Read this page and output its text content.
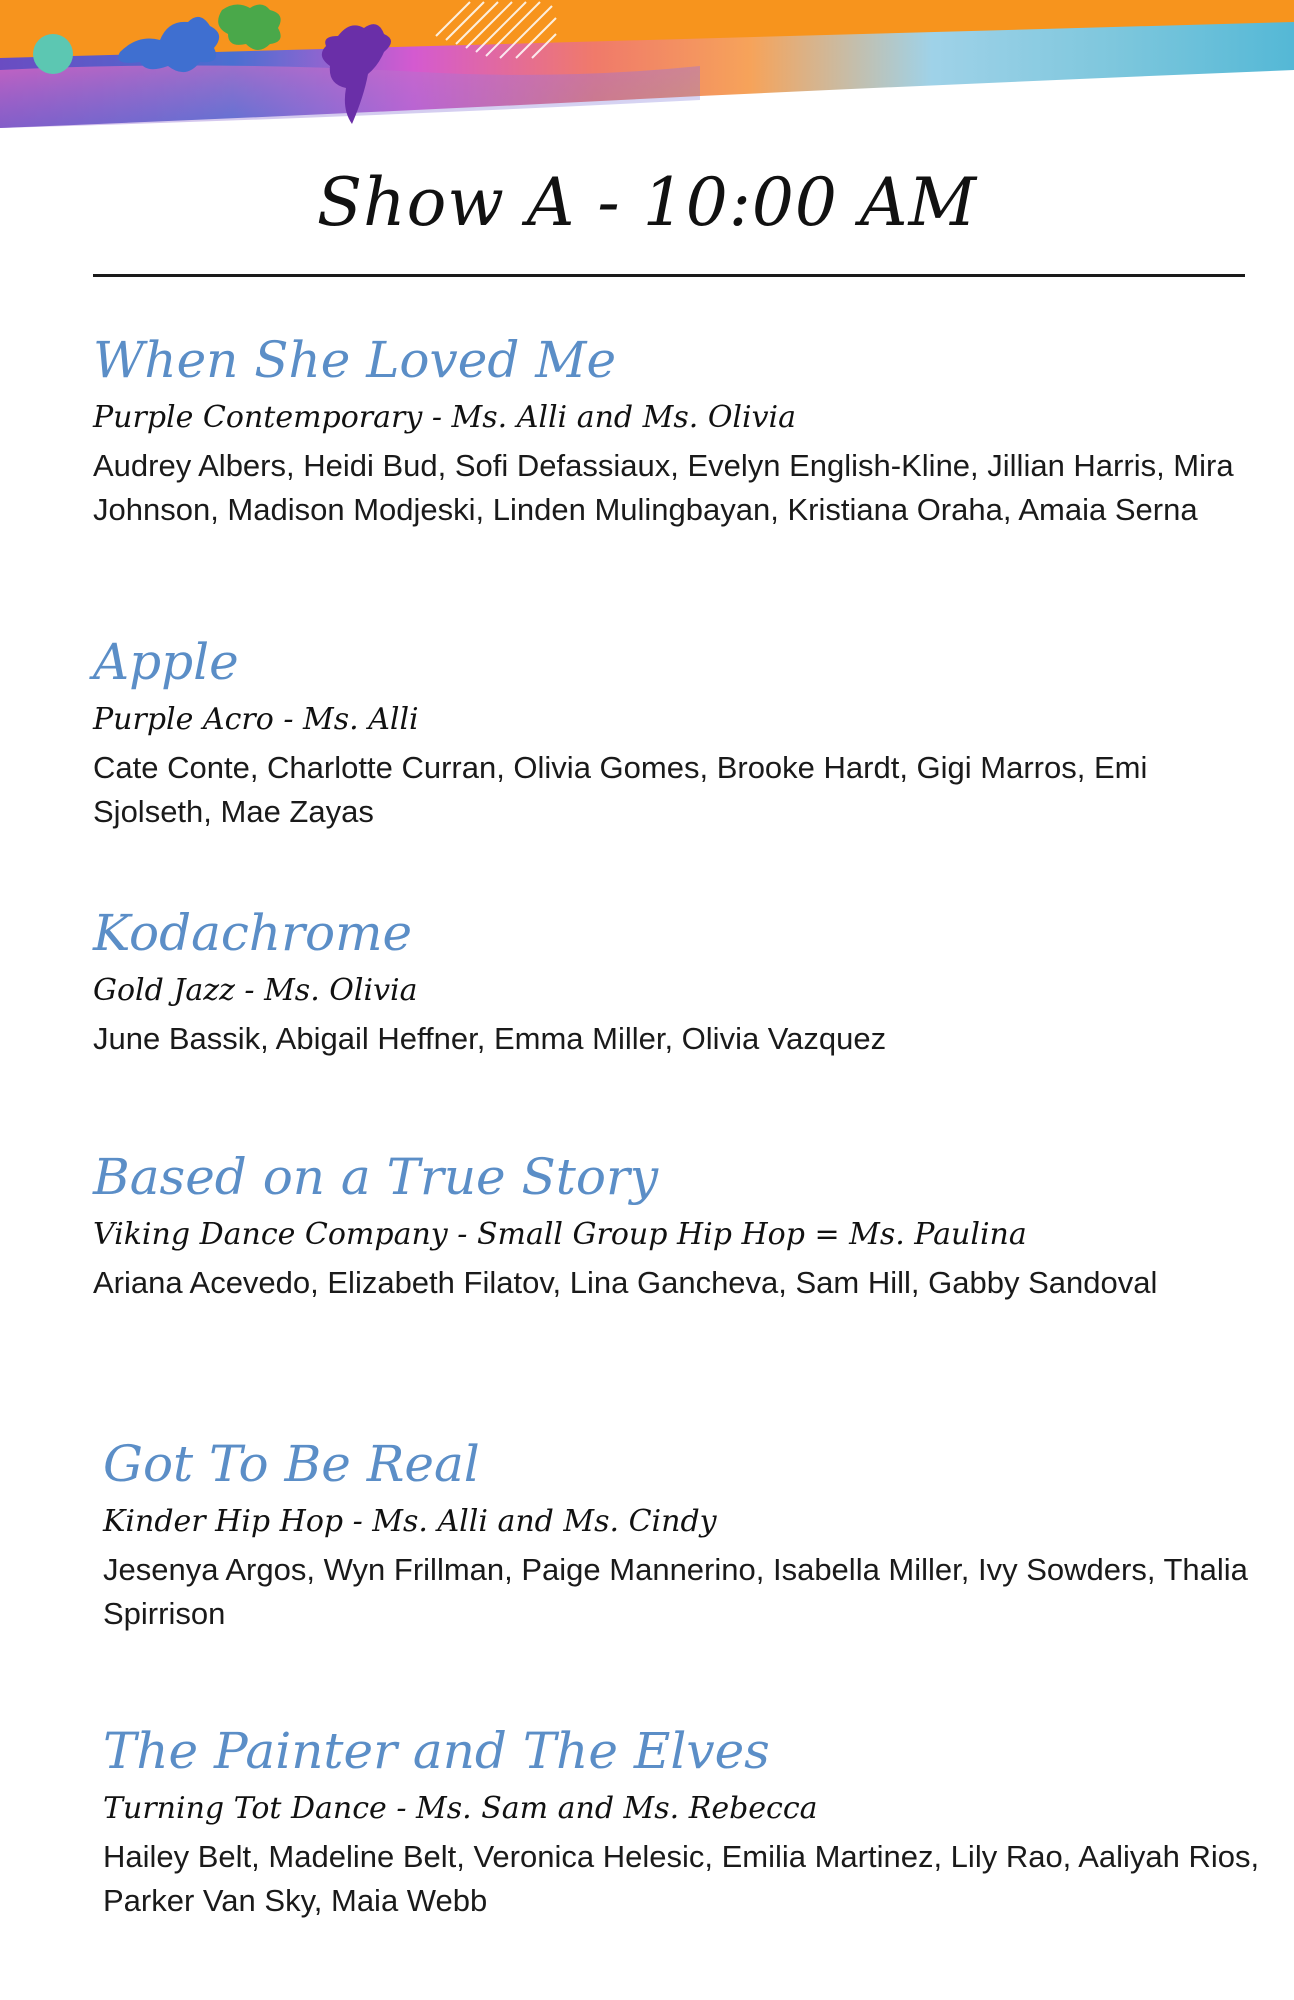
Show A - 10:00 AM
When She Loved Me
Purple Contemporary - Ms. Alli and Ms. Olivia
Audrey Albers, Heidi Bud, Sofi Defassiaux, Evelyn English-Kline, Jillian Harris, Mira Johnson, Madison Modjeski, Linden Mulingbayan, Kristiana Oraha, Amaia Serna
Apple
Purple Acro - Ms. Alli
Cate Conte, Charlotte Curran, Olivia Gomes, Brooke Hardt, Gigi Marros, Emi Sjolseth, Mae Zayas
Kodachrome
Gold Jazz - Ms. Olivia
June Bassik, Abigail Heffner, Emma Miller, Olivia Vazquez
Based on a True Story
Viking Dance Company - Small Group Hip Hop = Ms. Paulina
Ariana Acevedo, Elizabeth Filatov, Lina Gancheva, Sam Hill, Gabby Sandoval
Got To Be Real
Kinder Hip Hop - Ms. Alli and Ms. Cindy
Jesenya Argos, Wyn Frillman, Paige Mannerino, Isabella Miller, Ivy Sowders, Thalia Spirrison
The Painter and The Elves
Turning Tot Dance - Ms. Sam and Ms. Rebecca
Hailey Belt, Madeline Belt, Veronica Helesic, Emilia Martinez, Lily Rao, Aaliyah Rios, Parker Van Sky, Maia Webb
